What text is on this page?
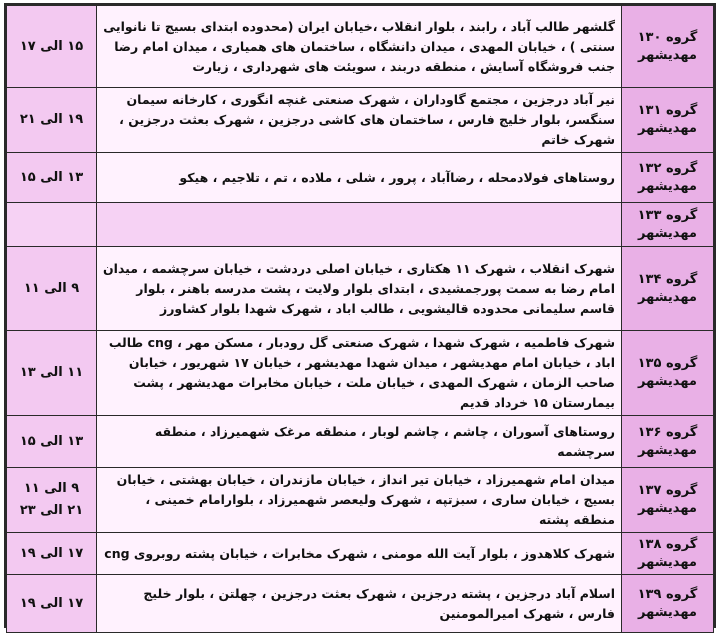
گروه ۱۳۰
مهدیشهر	گلشهر طالب آباد ، رابند ، بلوار انقلاب ،خیابان ایران (محدوده ابتدای بسیج تا نانوایی سنتی ) ، خیابان المهدی ، میدان دانشگاه ، ساختمان های همیاری ، میدان امام رضا جنب فروشگاه آسایش ، منطقه دربند ، سویئت های شهرداری ، زیارت	۱۵ الی ۱۷

گروه ۱۳۱
مهدیشهر	نیر آباد درجزین ، مجتمع گاوداران ، شهرک صنعتی غنچه انگوری ، کارخانه سیمان سنگسر، بلوار خلیج فارس ، ساختمان های کاشی درجزین ، شهرک بعثت درجزین ، شهرک خاتم	۱۹ الی ۲۱

گروه ۱۳۲
مهدیشهر	روستاهای فولادمحله ، رضاآباد ، پرور ، شلی ، ملاده ، تم ، تلاجیم ، هیکو	۱۳ الی ۱۵

گروه ۱۳۳
مهدیشهر		

گروه ۱۳۴
مهدیشهر	شهرک انقلاب ، شهرک ۱۱ هکتاری ، خیابان اصلی دردشت ، خیابان سرچشمه ، میدان امام رضا به سمت پورجمشیدی ، ابتدای بلوار ولایت ، پشت مدرسه باهنر ، بلوار قاسم سلیمانی محدوده قالیشویی ، طالب اباد ، شهرک شهدا بلوار کشاورز	۹ الی ۱۱

گروه ۱۳۵
مهدیشهر	شهرک فاطمیه ، شهرک شهدا ، شهرک صنعتی گل رودبار ، مسکن مهر ، cng طالب اباد ، خیابان امام مهدیشهر ، میدان شهدا مهدیشهر ، خیابان ۱۷ شهریور ، خیابان صاحب الزمان ، شهرک المهدی ، خیابان ملت ، خیابان مخابرات مهدیشهر ، پشت بیمارستان ۱۵ خرداد قدیم	۱۱ الی ۱۳

گروه ۱۳۶
مهدیشهر	روستاهای آسوران ، چاشم ، چاشم لوبار ، منطقه مرغک شهمیرزاد ، منطقه سرچشمه	۱۳ الی ۱۵

گروه ۱۳۷
مهدیشهر	میدان امام شهمیرزاد ، خیابان تیر انداز ، خیابان مازندران ، خیابان بهشتی ، خیابان بسیج ، خیابان ساری ، سبزتپه ، شهرک ولیعصر شهمیرزاد ، بلوارامام خمینی ، منطقه پشته	۹ الی ۱۱
۲۱ الی ۲۳

گروه ۱۳۸
مهدیشهر	شهرک کلاهدوز ، بلوار آیت الله مومنی ، شهرک مخابرات ، خیابان پشته روبروی cng	۱۷ الی ۱۹

گروه ۱۳۹
مهدیشهر	اسلام آباد درجزین ، پشته درجزین ، شهرک بعثت درجزین ، چهلتن ، بلوار خلیج فارس ، شهرک امیرالمومنین	۱۷ الی ۱۹
